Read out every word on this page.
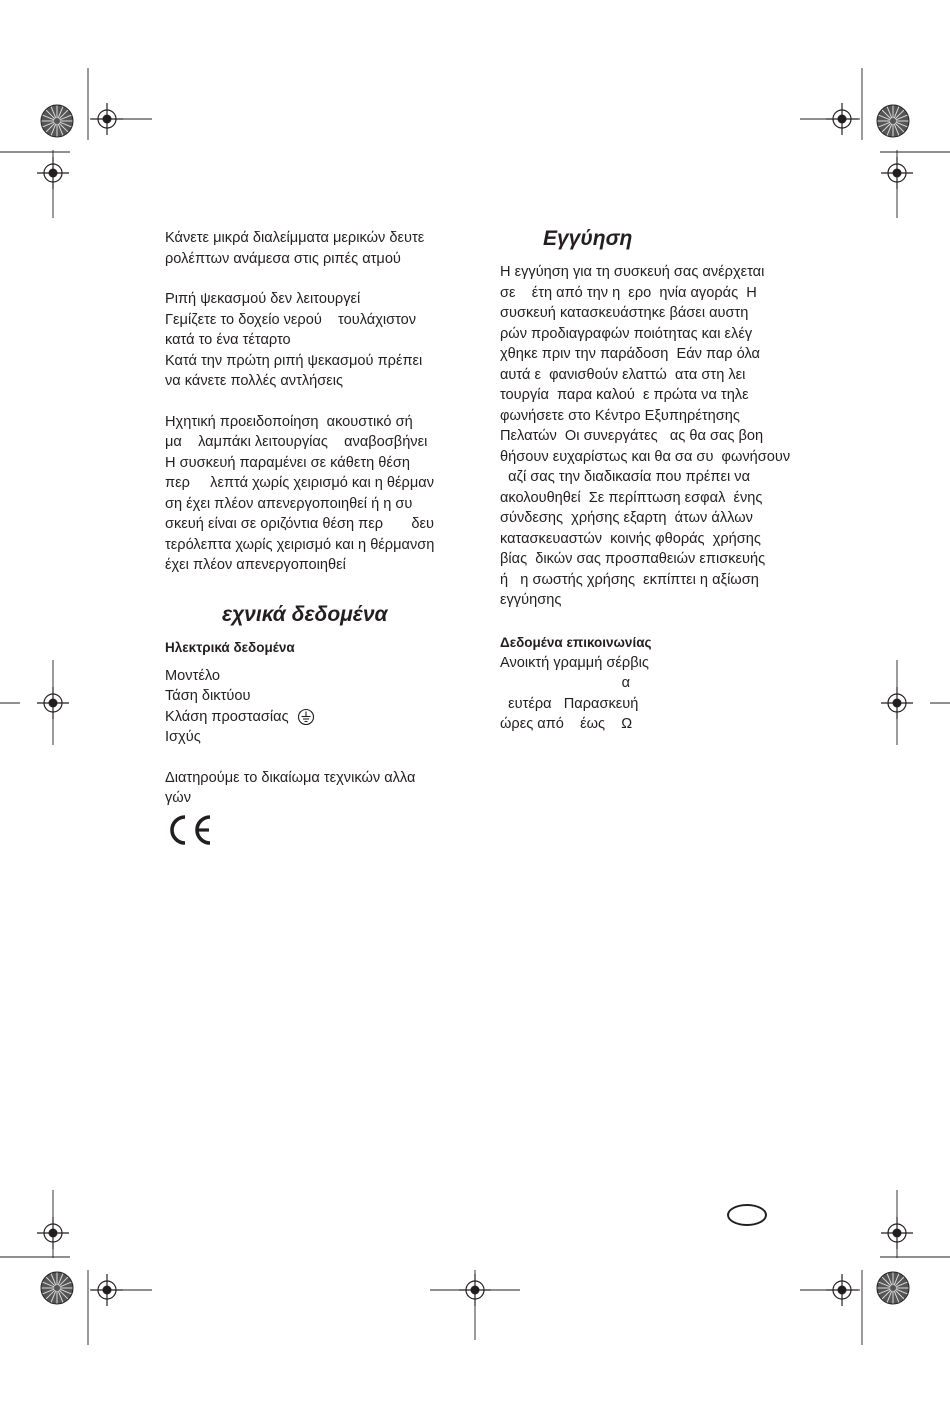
Κάνετε μικρά διαλείμματα μερικών δευτε

ρολέπτων ανάμεσα στις ριπές ατμού

Ριπή ψεκασμού δεν λειτουργεί

Γεμίζετε το δοχείο νερού    τουλάχιστον

κατά το ένα τέταρτο

Κατά την πρώτη ριπή ψεκασμού πρέπει

να κάνετε πολλές αντλήσεις

Ηχητική προειδοποίηση  ακουστικό σή

μα    λαμπάκι λειτουργίας    αναβοσβήνει

Η συσκευή παραμένει σε κάθετη θέση

περ     λεπτά χωρίς χειρισμό και η θέρμαν

ση έχει πλέον απενεργοποιηθεί ή η συ

σκευή είναι σε οριζόντια θέση περ       δευ

τερόλεπτα χωρίς χειρισμό και η θέρμανση

έχει πλέον απενεργοποιηθεί

εχνικά δεδομένα
Ηλεκτρικά δεδομένα

Μοντέλο

Τάση δικτύου

Κλάση προστασίας

Ισχύς

Διατηρούμε το δικαίωμα τεχνικών αλλα

γών

Εγγύηση

Η εγγύηση για τη συσκευή σας ανέρχεται

σε    έτη από την η  ερο  ηνία αγοράς  Η

συσκευή κατασκευάστηκε βάσει αυστη

ρών προδιαγραφών ποιότητας και ελέγ

χθηκε πριν την παράδοση  Εάν παρ όλα

αυτά ε  φανισθούν ελαττώ  ατα στη λει

τουργία  παρα καλού  ε πρώτα να τηλε

φωνήσετε στο Κέντρο Εξυπηρέτησης

Πελατών  Οι συνεργάτες   ας θα σας βοη

θήσουν ευχαρίστως και θα σα συ  φωνήσουν

αζί σας την διαδικασία που πρέπει να

ακολουθηθεί  Σε περίπτωση εσφαλ  ένης

σύνδεσης  χρήσης εξαρτη  άτων άλλων

κατασκευαστών  κοινής φθοράς  χρήσης

βίας  δικών σας προσπαθειών επισκευής

ή   η σωστής χρήσης  εκπίπτει η αξίωση

εγγύησης

Δεδομένα επικοινωνίας

Ανοικτή γραμμή σέρβις

α

ευτέρα   Παρασκευή

ώρες από    έως    Ω
